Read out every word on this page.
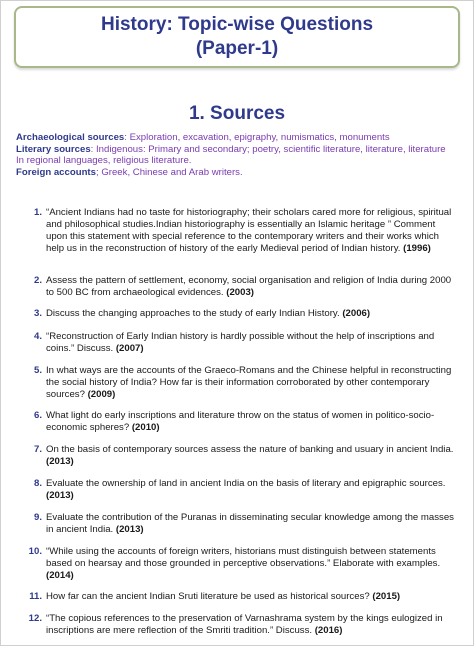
History: Topic-wise Questions
(Paper-1)
1. Sources
Archaeological sources: Exploration, excavation, epigraphy, numismatics, monuments
Literary sources: Indigenous: Primary and secondary; poetry, scientific literature, literature, literature In regional languages, religious literature.
Foreign accounts; Greek, Chinese and Arab writers.
1. “Ancient Indians had no taste for historiography; their scholars cared more for religious, spiritual and philosophical studies.Indian historiography is essentially an Islamic heritage ” Comment upon this statement with special reference to the contemporary writers and their works which help us in the reconstruction of history of the early Medieval period of Indian history. (1996)
2. Assess the pattern of settlement, economy, social organisation and religion of India during 2000 to 500 BC from archaeological evidences. (2003)
3. Discuss the changing approaches to the study of early Indian History. (2006)
4. “Reconstruction of Early Indian history is hardly possible without the help of inscriptions and coins.” Discuss. (2007)
5. In what ways are the accounts of the Graeco-Romans and the Chinese helpful in reconstructing the social history of India? How far is their information corroborated by other contemporary sources? (2009)
6. What light do early inscriptions and literature throw on the status of women in politico-socio- economic spheres? (2010)
7. On the basis of contemporary sources assess the nature of banking and usuary in ancient India. (2013)
8. Evaluate the ownership of land in ancient India on the basis of literary and epigraphic sources. (2013)
9. Evaluate the contribution of the Puranas in disseminating secular knowledge among the masses in ancient India. (2013)
10. “While using the accounts of foreign writers, historians must distinguish between statements based on hearsay and those grounded in perceptive observations.” Elaborate with examples. (2014)
11. How far can the ancient Indian Sruti literature be used as historical sources? (2015)
12. “The copious references to the preservation of Varnashrama system by the kings eulogized in inscriptions are mere reflection of the Smriti tradition.” Discuss. (2016)
